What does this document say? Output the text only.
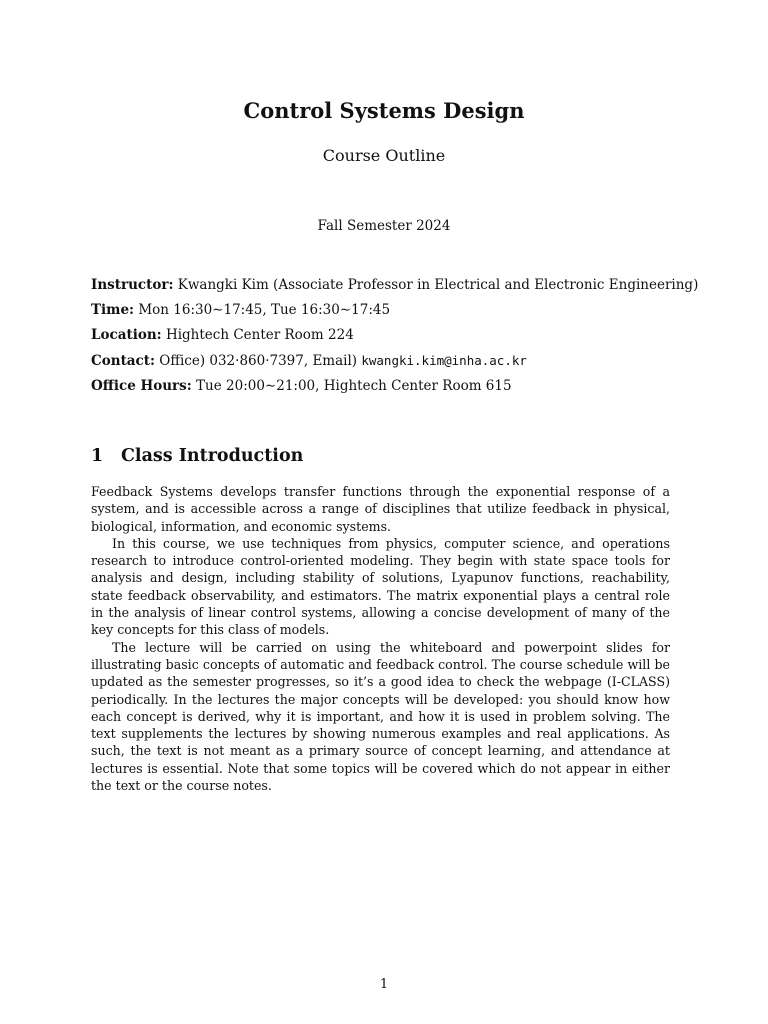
Control Systems Design
Course Outline
Fall Semester 2024
Instructor: Kwangki Kim (Associate Professor in Electrical and Electronic Engineering)
Time: Mon 16:30∼17:45, Tue 16:30∼17:45
Location: Hightech Center Room 224
Contact: Office) 032·860·7397, Email) kwangki.kim@inha.ac.kr
Office Hours: Tue 20:00∼21:00, Hightech Center Room 615
1 Class Introduction

Feedback Systems develops transfer functions through the exponential response of a system, and is accessible across a range of disciplines that utilize feedback in physical, biological, information, and economic systems.

In this course, we use techniques from physics, computer science, and operations research to introduce control-oriented modeling. They begin with state space tools for analysis and design, including stability of solutions, Lyapunov functions, reachability, state feedback observability, and estimators. The matrix exponential plays a central role in the analysis of linear control systems, allowing a concise development of many of the key concepts for this class of models.

The lecture will be carried on using the whiteboard and powerpoint slides for illustrating basic concepts of automatic and feedback control. The course schedule will be updated as the semester progresses, so it’s a good idea to check the webpage (I-CLASS) periodically. In the lectures the major concepts will be developed: you should know how each concept is derived, why it is important, and how it is used in problem solving. The text supplements the lectures by showing numerous examples and real applications. As such, the text is not meant as a primary source of concept learning, and attendance at lectures is essential. Note that some topics will be covered which do not appear in either the text or the course notes.

1
